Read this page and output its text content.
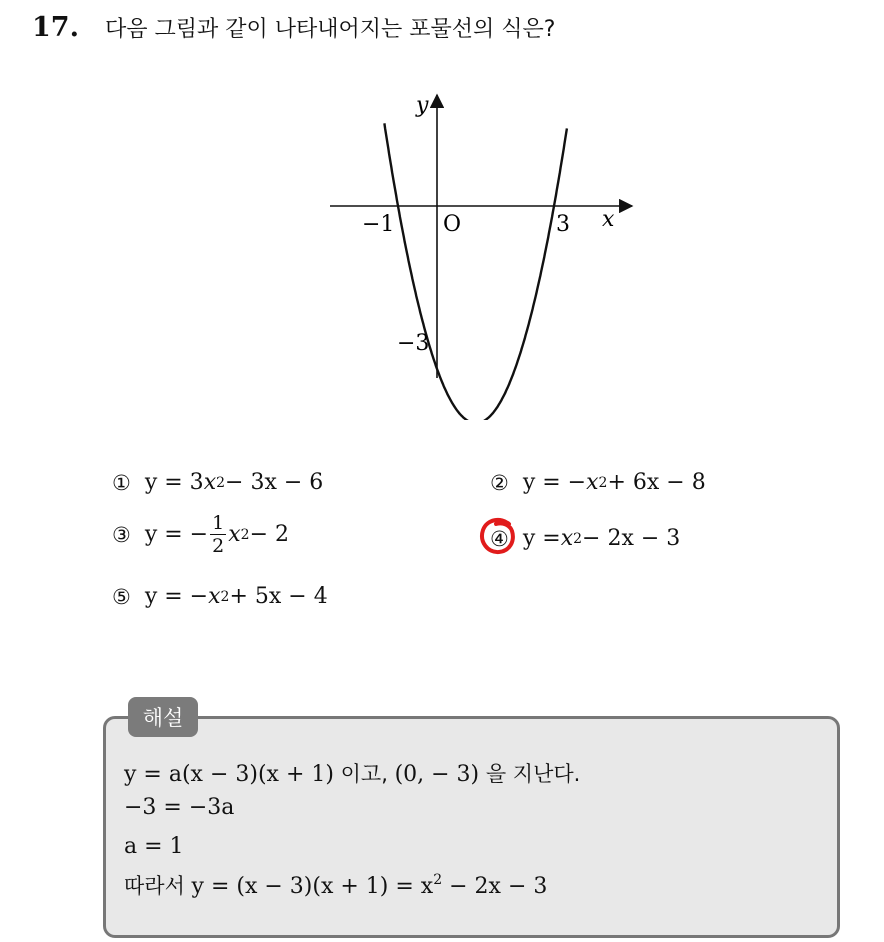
17. 다음 그림과 같이 나타내어지는 포물선의 식은?
y
x
O
−1	3
−3
① y = 3 x 2 − 3x − 6	② y = − x 2 + 6x − 8
③ y = − $\frac{1}{2}$ x 2 − 2	④ y = x 2 − 2x − 3
⑤ y = − x 2 + 5x − 4
해설
y = a(x − 3)(x + 1) 이고, (0, − 3) 을 지난다.
−3 = −3a
a = 1
따라서 $y = (x - 3)(x + 1) = x^2 - 2x - 3$
